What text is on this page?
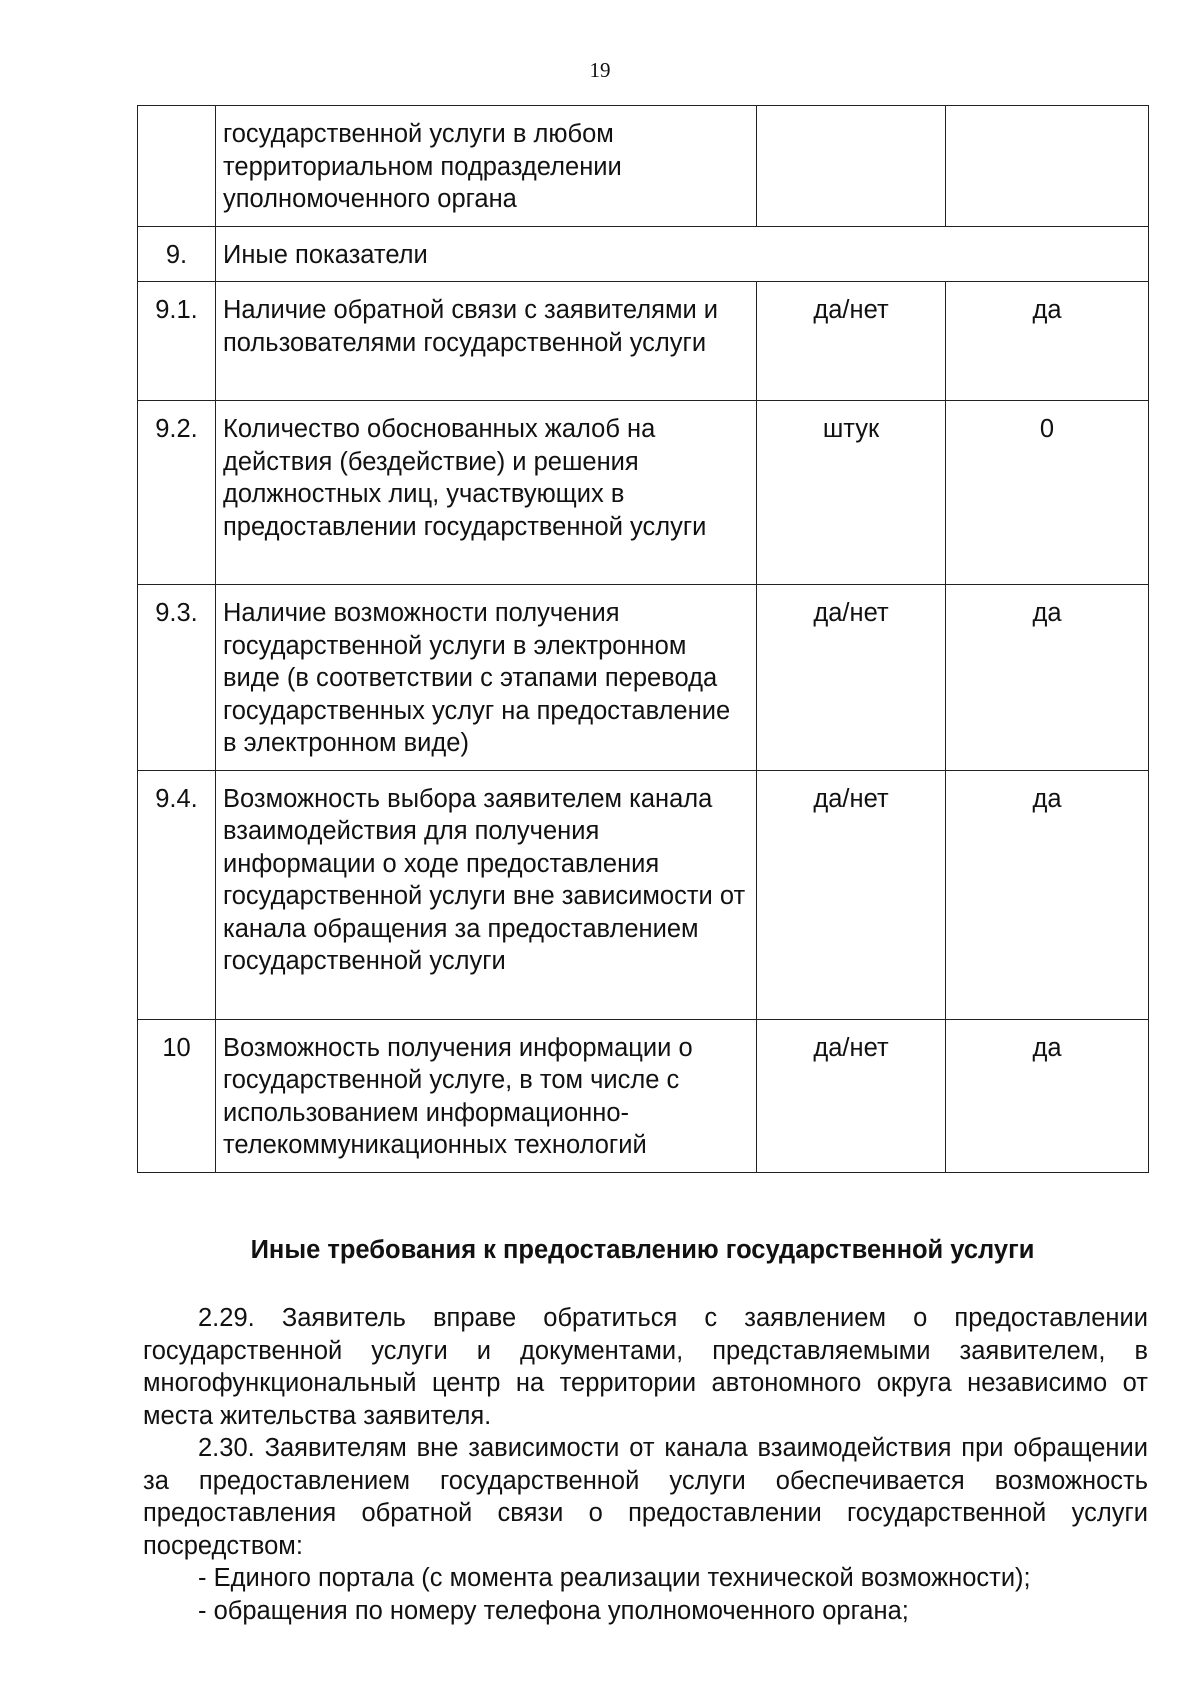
19
	государственной услуги в любом территориальном подразделении уполномоченного органа		
9.	Иные показатели		
9.1.	Наличие обратной связи с заявителями и пользователями государственной услуги	да/нет	да
9.2.	Количество обоснованных жалоб на действия (бездействие) и решения должностных лиц, участвующих в предоставлении государственной услуги	штук	0
9.3.	Наличие возможности получения государственной услуги в электронном виде (в соответствии с этапами перевода государственных услуг на предоставление в электронном виде)	да/нет	да
9.4.	Возможность выбора заявителем канала взаимодействия для получения информации о ходе предоставления государственной услуги вне зависимости от канала обращения за предоставлением государственной услуги	да/нет	да
10	Возможность получения информации о государственной услуге, в том числе с использованием информационно-телекоммуникационных технологий	да/нет	да
Иные требования к предоставлению государственной услуги

2.29. Заявитель вправе обратиться с заявлением о предоставлении государственной услуги и документами, представляемыми заявителем, в многофункциональный центр на территории автономного округа независимо от места жительства заявителя.

2.30. Заявителям вне зависимости от канала взаимодействия при обращении за предоставлением государственной услуги обеспечивается возможность предоставления обратной связи о предоставлении государственной услуги посредством:

- Единого портала (с момента реализации технической возможности);

- обращения по номеру телефона уполномоченного органа;
